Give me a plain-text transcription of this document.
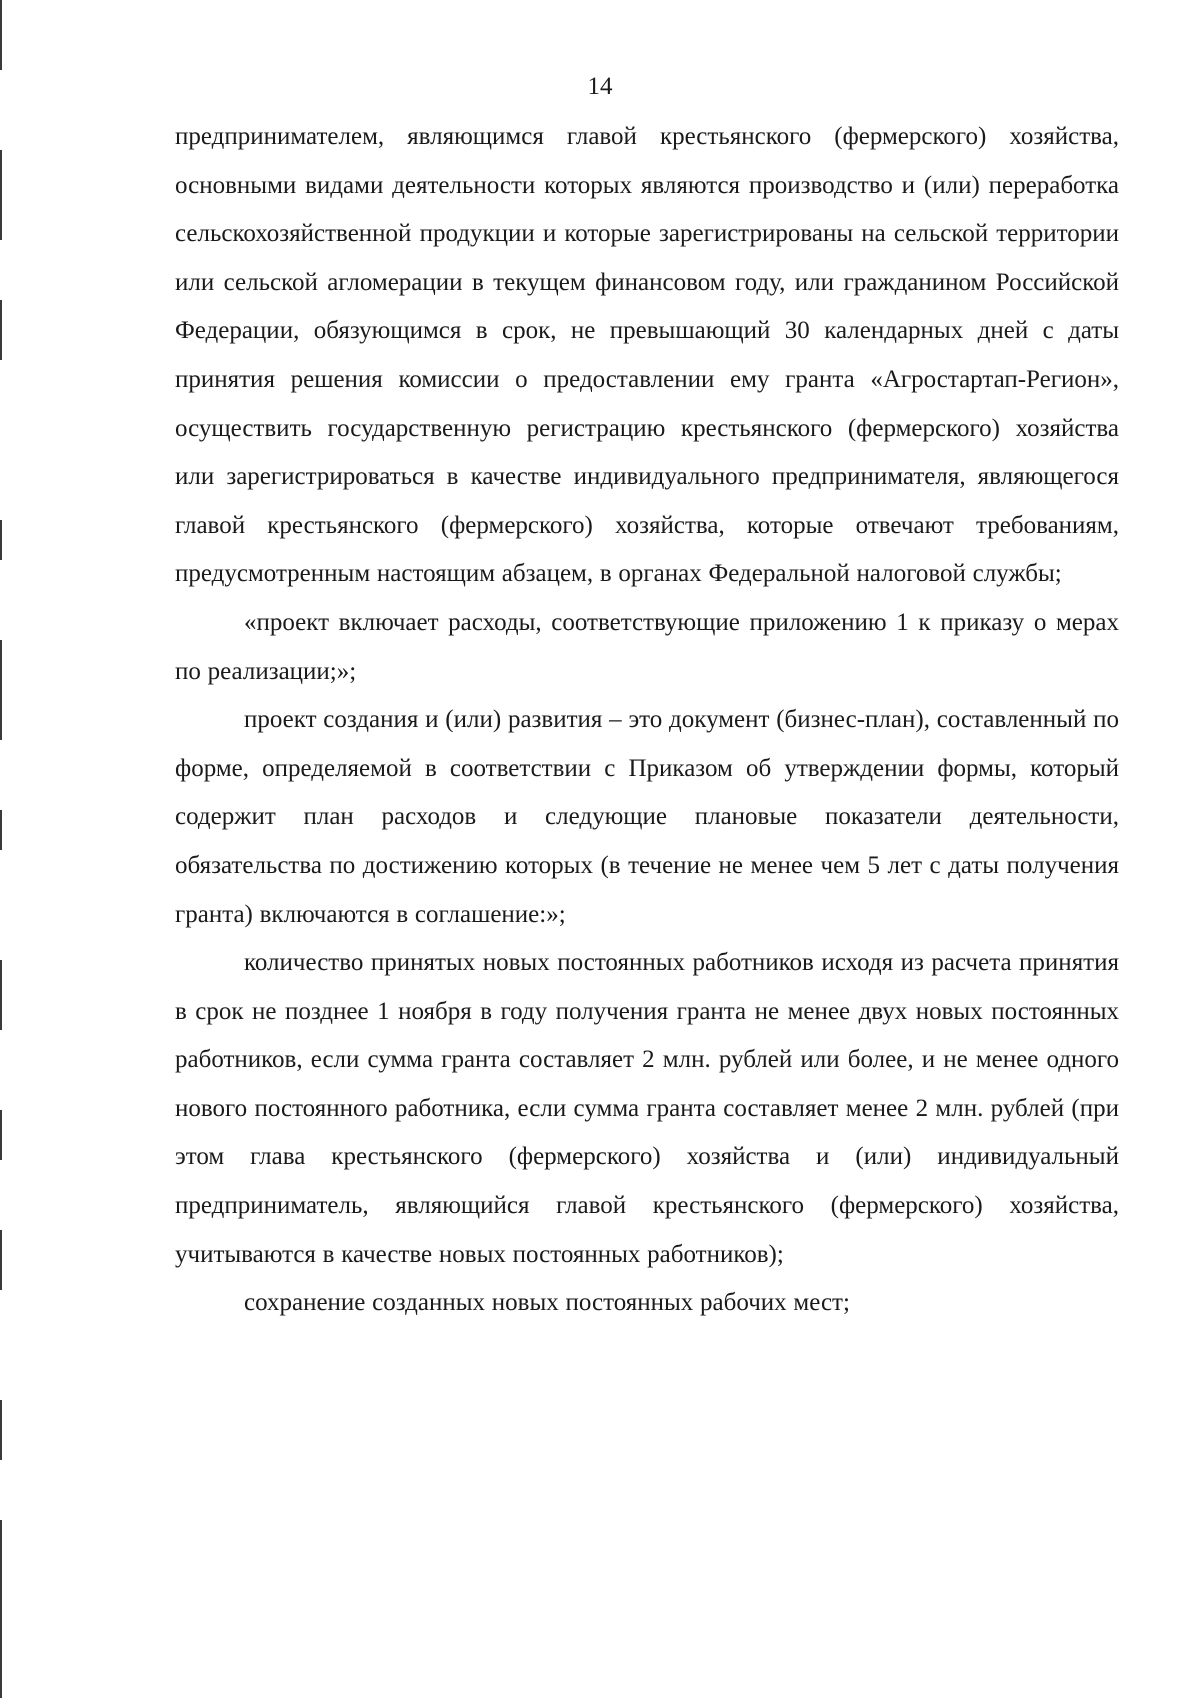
14

предпринимателем, являющимся главой крестьянского (фермерского) хозяйства, основными видами деятельности которых являются производство и (или) переработка сельскохозяйственной продукции и которые зарегистрированы на сельской территории или сельской агломерации в текущем финансовом году, или гражданином Российской Федерации, обязующимся в срок, не превышающий 30 календарных дней с даты принятия решения комиссии о предоставлении ему гранта «Агростартап-Регион», осуществить государственную регистрацию крестьянского (фермерского) хозяйства или зарегистрироваться в качестве индивидуального предпринимателя, являющегося главой крестьянского (фермерского) хозяйства, которые отвечают требованиям, предусмотренным настоящим абзацем, в органах Федеральной налоговой службы;

«проект включает расходы, соответствующие приложению 1 к приказу о мерах по реализации;»;

проект создания и (или) развития – это документ (бизнес-план), составленный по форме, определяемой в соответствии с Приказом об утверждении формы, который содержит план расходов и следующие плановые показатели деятельности, обязательства по достижению которых (в течение не менее чем 5 лет с даты получения гранта) включаются в соглашение:»;

количество принятых новых постоянных работников исходя из расчета принятия в срок не позднее 1 ноября в году получения гранта не менее двух новых постоянных работников, если сумма гранта составляет 2 млн. рублей или более, и не менее одного нового постоянного работника, если сумма гранта составляет менее 2 млн. рублей (при этом глава крестьянского (фермерского) хозяйства и (или) индивидуальный предприниматель, являющийся главой крестьянского (фермерского) хозяйства, учитываются в качестве новых постоянных работников);

сохранение созданных новых постоянных рабочих мест;
